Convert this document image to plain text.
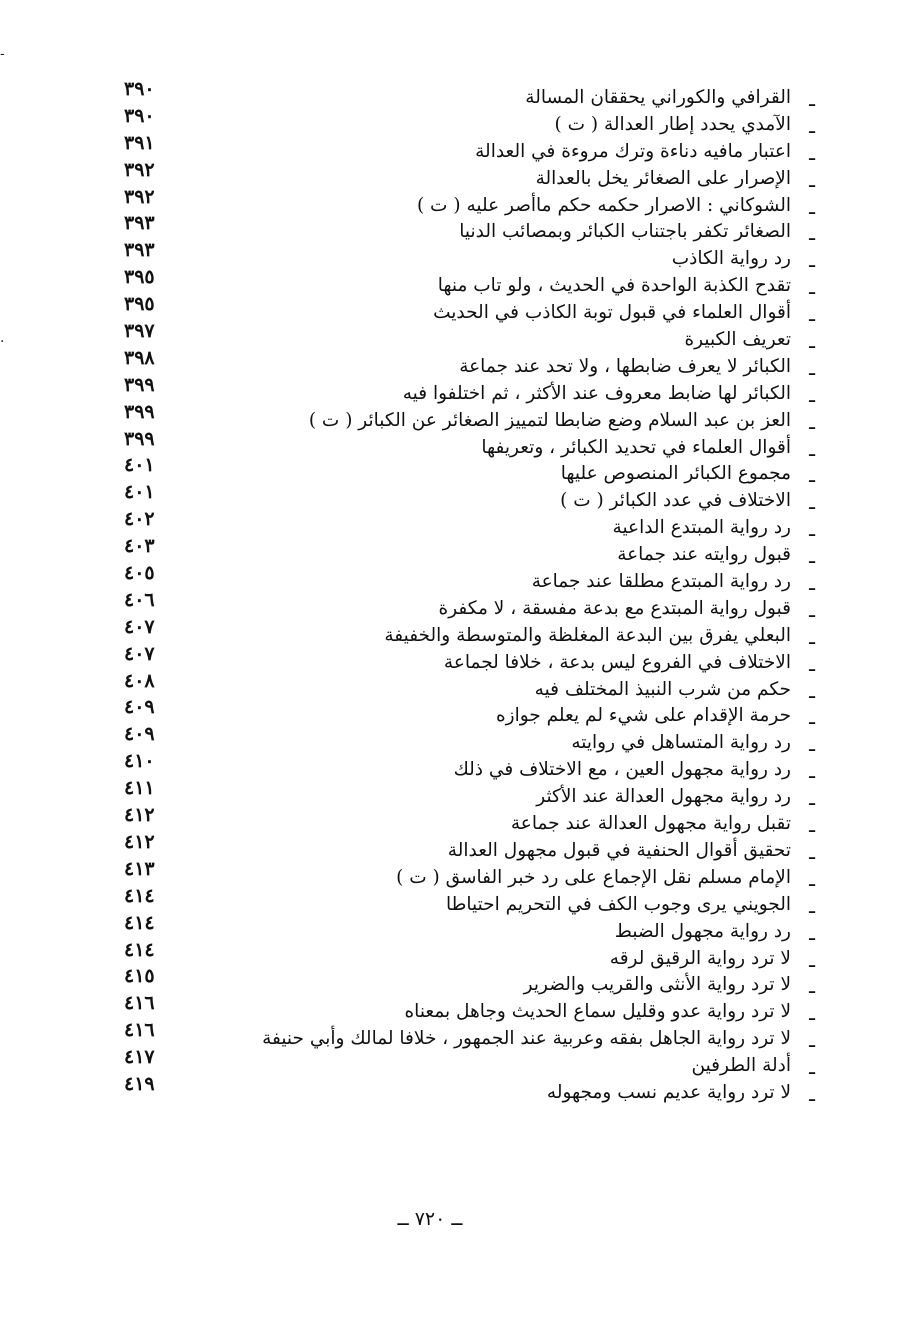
-
·
ـ
القرافي والكوراني يحققان المسالة
٣٩٠
ـ
الآمدي يحدد إطار العدالة ( ت )
٣٩٠
ـ
اعتبار مافيه دناءة وترك مروءة في العدالة
٣٩١
ـ
الإصرار على الصغائر يخل بالعدالة
٣٩٢
ـ
الشوكاني : الاصرار حكمه حكم ماأصر عليه ( ت )
٣٩٢
ـ
الصغائر تكفر باجتناب الكبائر وبمصائب الدنيا
٣٩٣
ـ
رد رواية الكاذب
٣٩٣
ـ
تقدح الكذبة الواحدة في الحديث ، ولو تاب منها
٣٩٥
ـ
أقوال العلماء في قبول توبة الكاذب في الحديث
٣٩٥
ـ
تعريف الكبيرة
٣٩٧
ـ
الكبائر لا يعرف ضابطها ، ولا تحد عند جماعة
٣٩٨
ـ
الكبائر لها ضابط معروف عند الأكثر ، ثم اختلفوا فيه
٣٩٩
ـ
العز بن عبد السلام وضع ضابطا لتمييز الصغائر عن الكبائر ( ت )
٣٩٩
ـ
أقوال العلماء في تحديد الكبائر ، وتعريفها
٣٩٩
ـ
مجموع الكبائر المنصوص عليها
٤٠١
ـ
الاختلاف في عدد الكبائر ( ت )
٤٠١
ـ
رد رواية المبتدع الداعية
٤٠٢
ـ
قبول روايته عند جماعة
٤٠٣
ـ
رد رواية المبتدع مطلقا عند جماعة
٤٠٥
ـ
قبول رواية المبتدع مع بدعة مفسقة ، لا مكفرة
٤٠٦
ـ
البعلي يفرق بين البدعة المغلظة والمتوسطة والخفيفة
٤٠٧
ـ
الاختلاف في الفروع ليس بدعة ، خلافا لجماعة
٤٠٧
ـ
حكم من شرب النبيذ المختلف فيه
٤٠٨
ـ
حرمة الإقدام على شيء لم يعلم جوازه
٤٠٩
ـ
رد رواية المتساهل في روايته
٤٠٩
ـ
رد رواية مجهول العين ، مع الاختلاف في ذلك
٤١٠
ـ
رد رواية مجهول العدالة عند الأكثر
٤١١
ـ
تقبل رواية مجهول العدالة عند جماعة
٤١٢
ـ
تحقيق أقوال الحنفية في قبول مجهول العدالة
٤١٢
ـ
الإمام مسلم نقل الإجماع على رد خبر الفاسق ( ت )
٤١٣
ـ
الجويني يرى وجوب الكف في التحريم احتياطا
٤١٤
ـ
رد رواية مجهول الضبط
٤١٤
ـ
لا ترد رواية الرقيق لرقه
٤١٤
ـ
لا ترد رواية الأنثى والقريب والضرير
٤١٥
ـ
لا ترد رواية عدو وقليل سماع الحديث وجاهل بمعناه
٤١٦
ـ
لا ترد رواية الجاهل بفقه وعربية عند الجمهور ، خلافا لمالك وأبي حنيفة
٤١٦
ـ
أدلة الطرفين
٤١٧
ـ
لا ترد رواية عديم نسب ومجهوله
٤١٩
ــ ٧٢٠ ــ
